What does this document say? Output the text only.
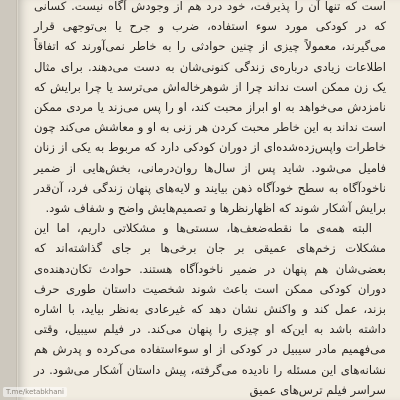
است که تنها آن را پذیرفت، خود درد هم از وجودش آگاه نیست. کسانی که در کودکی مورد سوء استفاده، ضرب و جرح یا بی‌توجهی قرار می‌گیرند، معمولاً چیزی از چنین حوادثی را به خاطر نمی‌آورند که اتفاقاً اطلاعات زیادی درباره‌ی زندگی کنونی‌شان به دست می‌دهند. برای مثال یک زن ممکن است نداند چرا از شوهرخاله‌اش می‌ترسد یا چرا برایش که نامزدش می‌خواهد به او ابراز محبت کند، او را پس می‌زند یا مردی ممکن است نداند به این خاطر محبت کردن هر زنی به او و معاشش می‌کند چون خاطرات واپس‌زده‌شده‌ای از دوران کودکی دارد که مربوط به یکی از زنان فامیل می‌شود. شاید پس از سال‌ها روان‌درمانی، بخش‌هایی از ضمیر ناخودآگاه به سطح خودآگاه ذهن بیایند و لایه‌های پنهان زندگی فرد، آن‌قدر برایش آشکار شوند که اظهارنظرها و تصمیم‌هایش واضح و شفاف شود.

البته همه‌ی ما نقطه‌ضعف‌ها، سستی‌ها و مشکلاتی داریم، اما این مشکلات زخم‌های عمیقی بر جان برخی‌ها بر جای گذاشته‌اند که بعضی‌شان هم پنهان در ضمیر ناخودآگاه هستند. حوادث تکان‌دهنده‌ی دوران کودکی ممکن است باعث شوند شخصیت داستان طوری حرف بزند، عمل کند و واکنش نشان دهد که غیرعادی به‌نظر بیاید، با اشاره داشته باشد به این‌که او چیزی را پنهان می‌کند. در فیلم سیبیل، وقتی می‌فهمیم مادر سیبیل در کودکی از او سوءاستفاده می‌کرده و پدرش هم نشانه‌های این مسئله را نادیده می‌گرفته، پیش داستان آشکار می‌شود. در سراسر فیلم ترس‌های عمیق

T.me/ketabkhani
